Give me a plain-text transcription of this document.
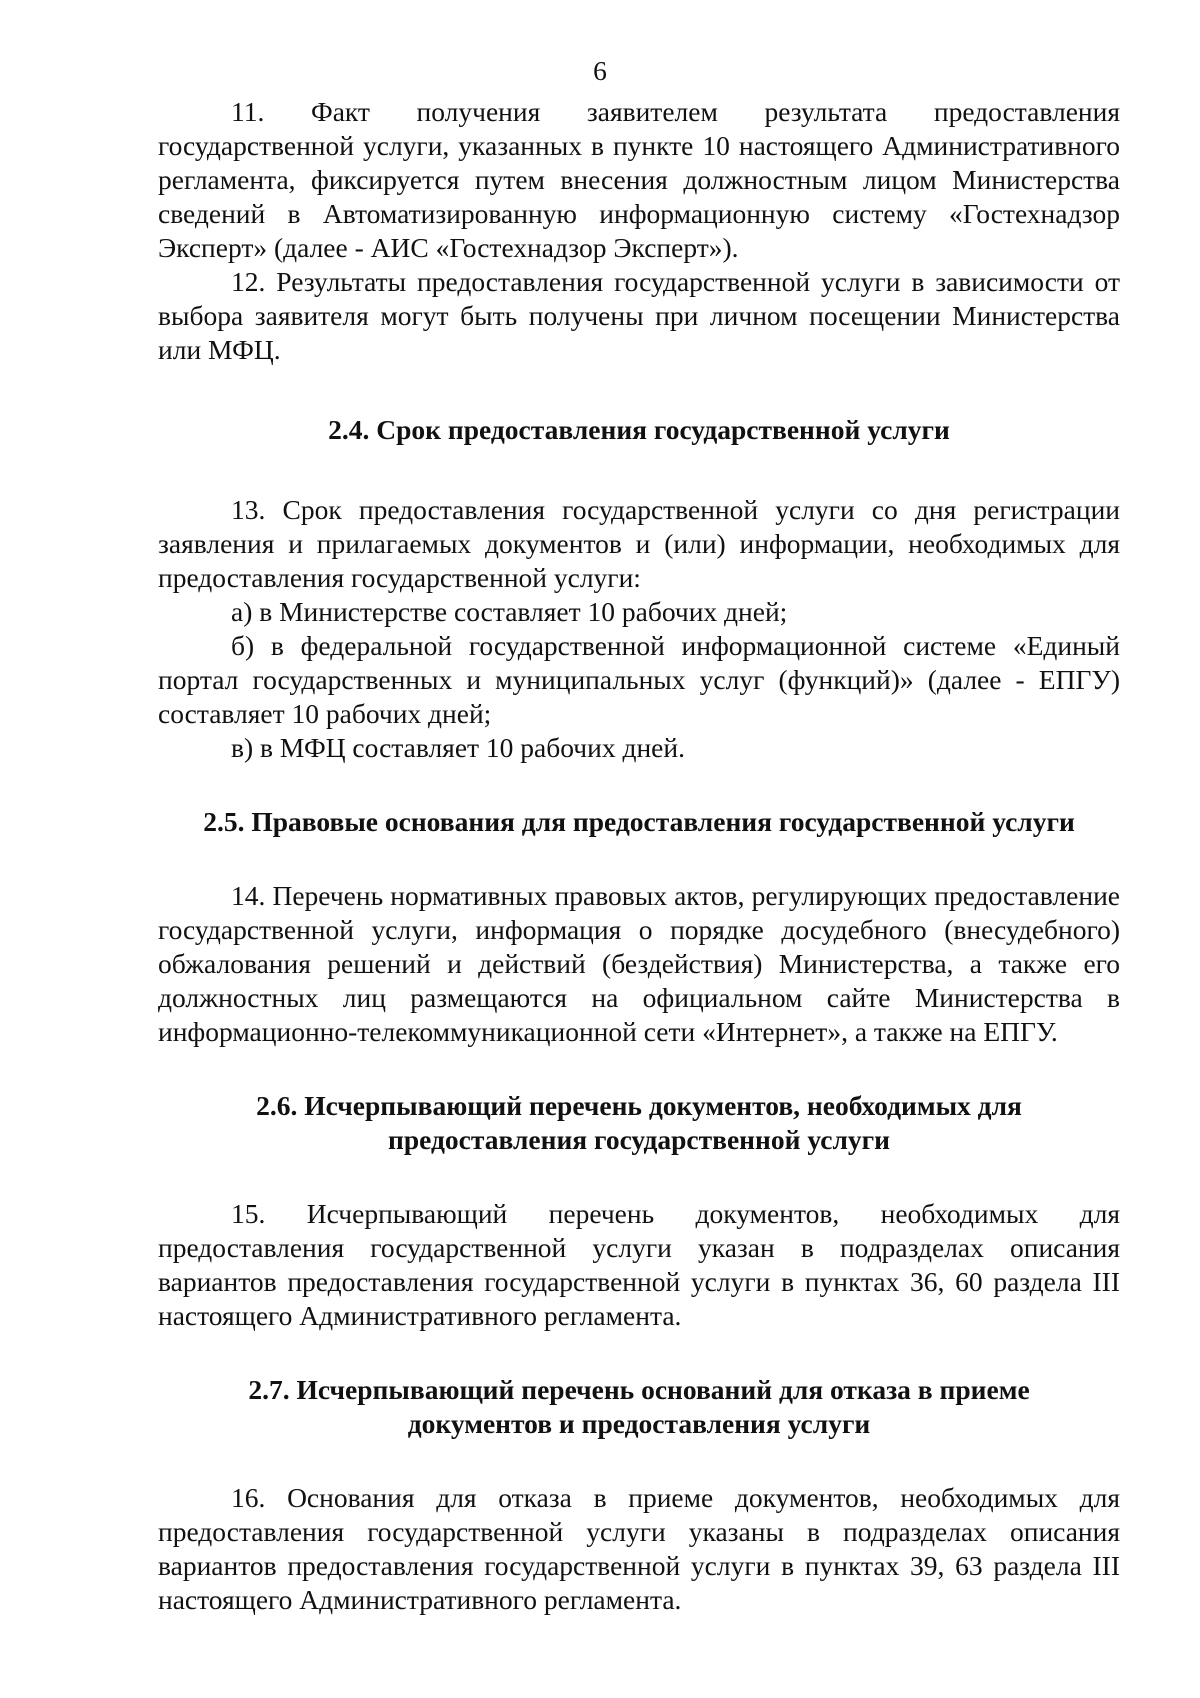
6

11. Факт получения заявителем результата предоставления государственной услуги, указанных в пункте 10 настоящего Административного регламента, фиксируется путем внесения должностным лицом Министерства сведений в Автоматизированную информационную систему «Гостехнадзор Эксперт» (далее - АИС «Гостехнадзор Эксперт»).

12. Результаты предоставления государственной услуги в зависимости от выбора заявителя могут быть получены при личном посещении Министерства или МФЦ.

2.4. Срок предоставления государственной услуги

13. Срок предоставления государственной услуги со дня регистрации заявления и прилагаемых документов и (или) информации, необходимых для предоставления государственной услуги:

а) в Министерстве составляет 10 рабочих дней;

б) в федеральной государственной информационной системе «Единый портал государственных и муниципальных услуг (функций)» (далее - ЕПГУ) составляет 10 рабочих дней;

в) в МФЦ составляет 10 рабочих дней.

2.5. Правовые основания для предоставления государственной услуги

14. Перечень нормативных правовых актов, регулирующих предоставление государственной услуги, информация о порядке досудебного (внесудебного) обжалования решений и действий (бездействия) Министерства, а также его должностных лиц размещаются на официальном сайте Министерства в информационно-телекоммуникационной сети «Интернет», а также на ЕПГУ.

2.6. Исчерпывающий перечень документов, необходимых для
предоставления государственной услуги

15. Исчерпывающий перечень документов, необходимых для предоставления государственной услуги указан в подразделах описания вариантов предоставления государственной услуги в пунктах 36, 60 раздела III настоящего Административного регламента.

2.7. Исчерпывающий перечень оснований для отказа в приеме
документов и предоставления услуги

16. Основания для отказа в приеме документов, необходимых для предоставления государственной услуги указаны в подразделах описания вариантов предоставления государственной услуги в пунктах 39, 63 раздела III настоящего Административного регламента.
